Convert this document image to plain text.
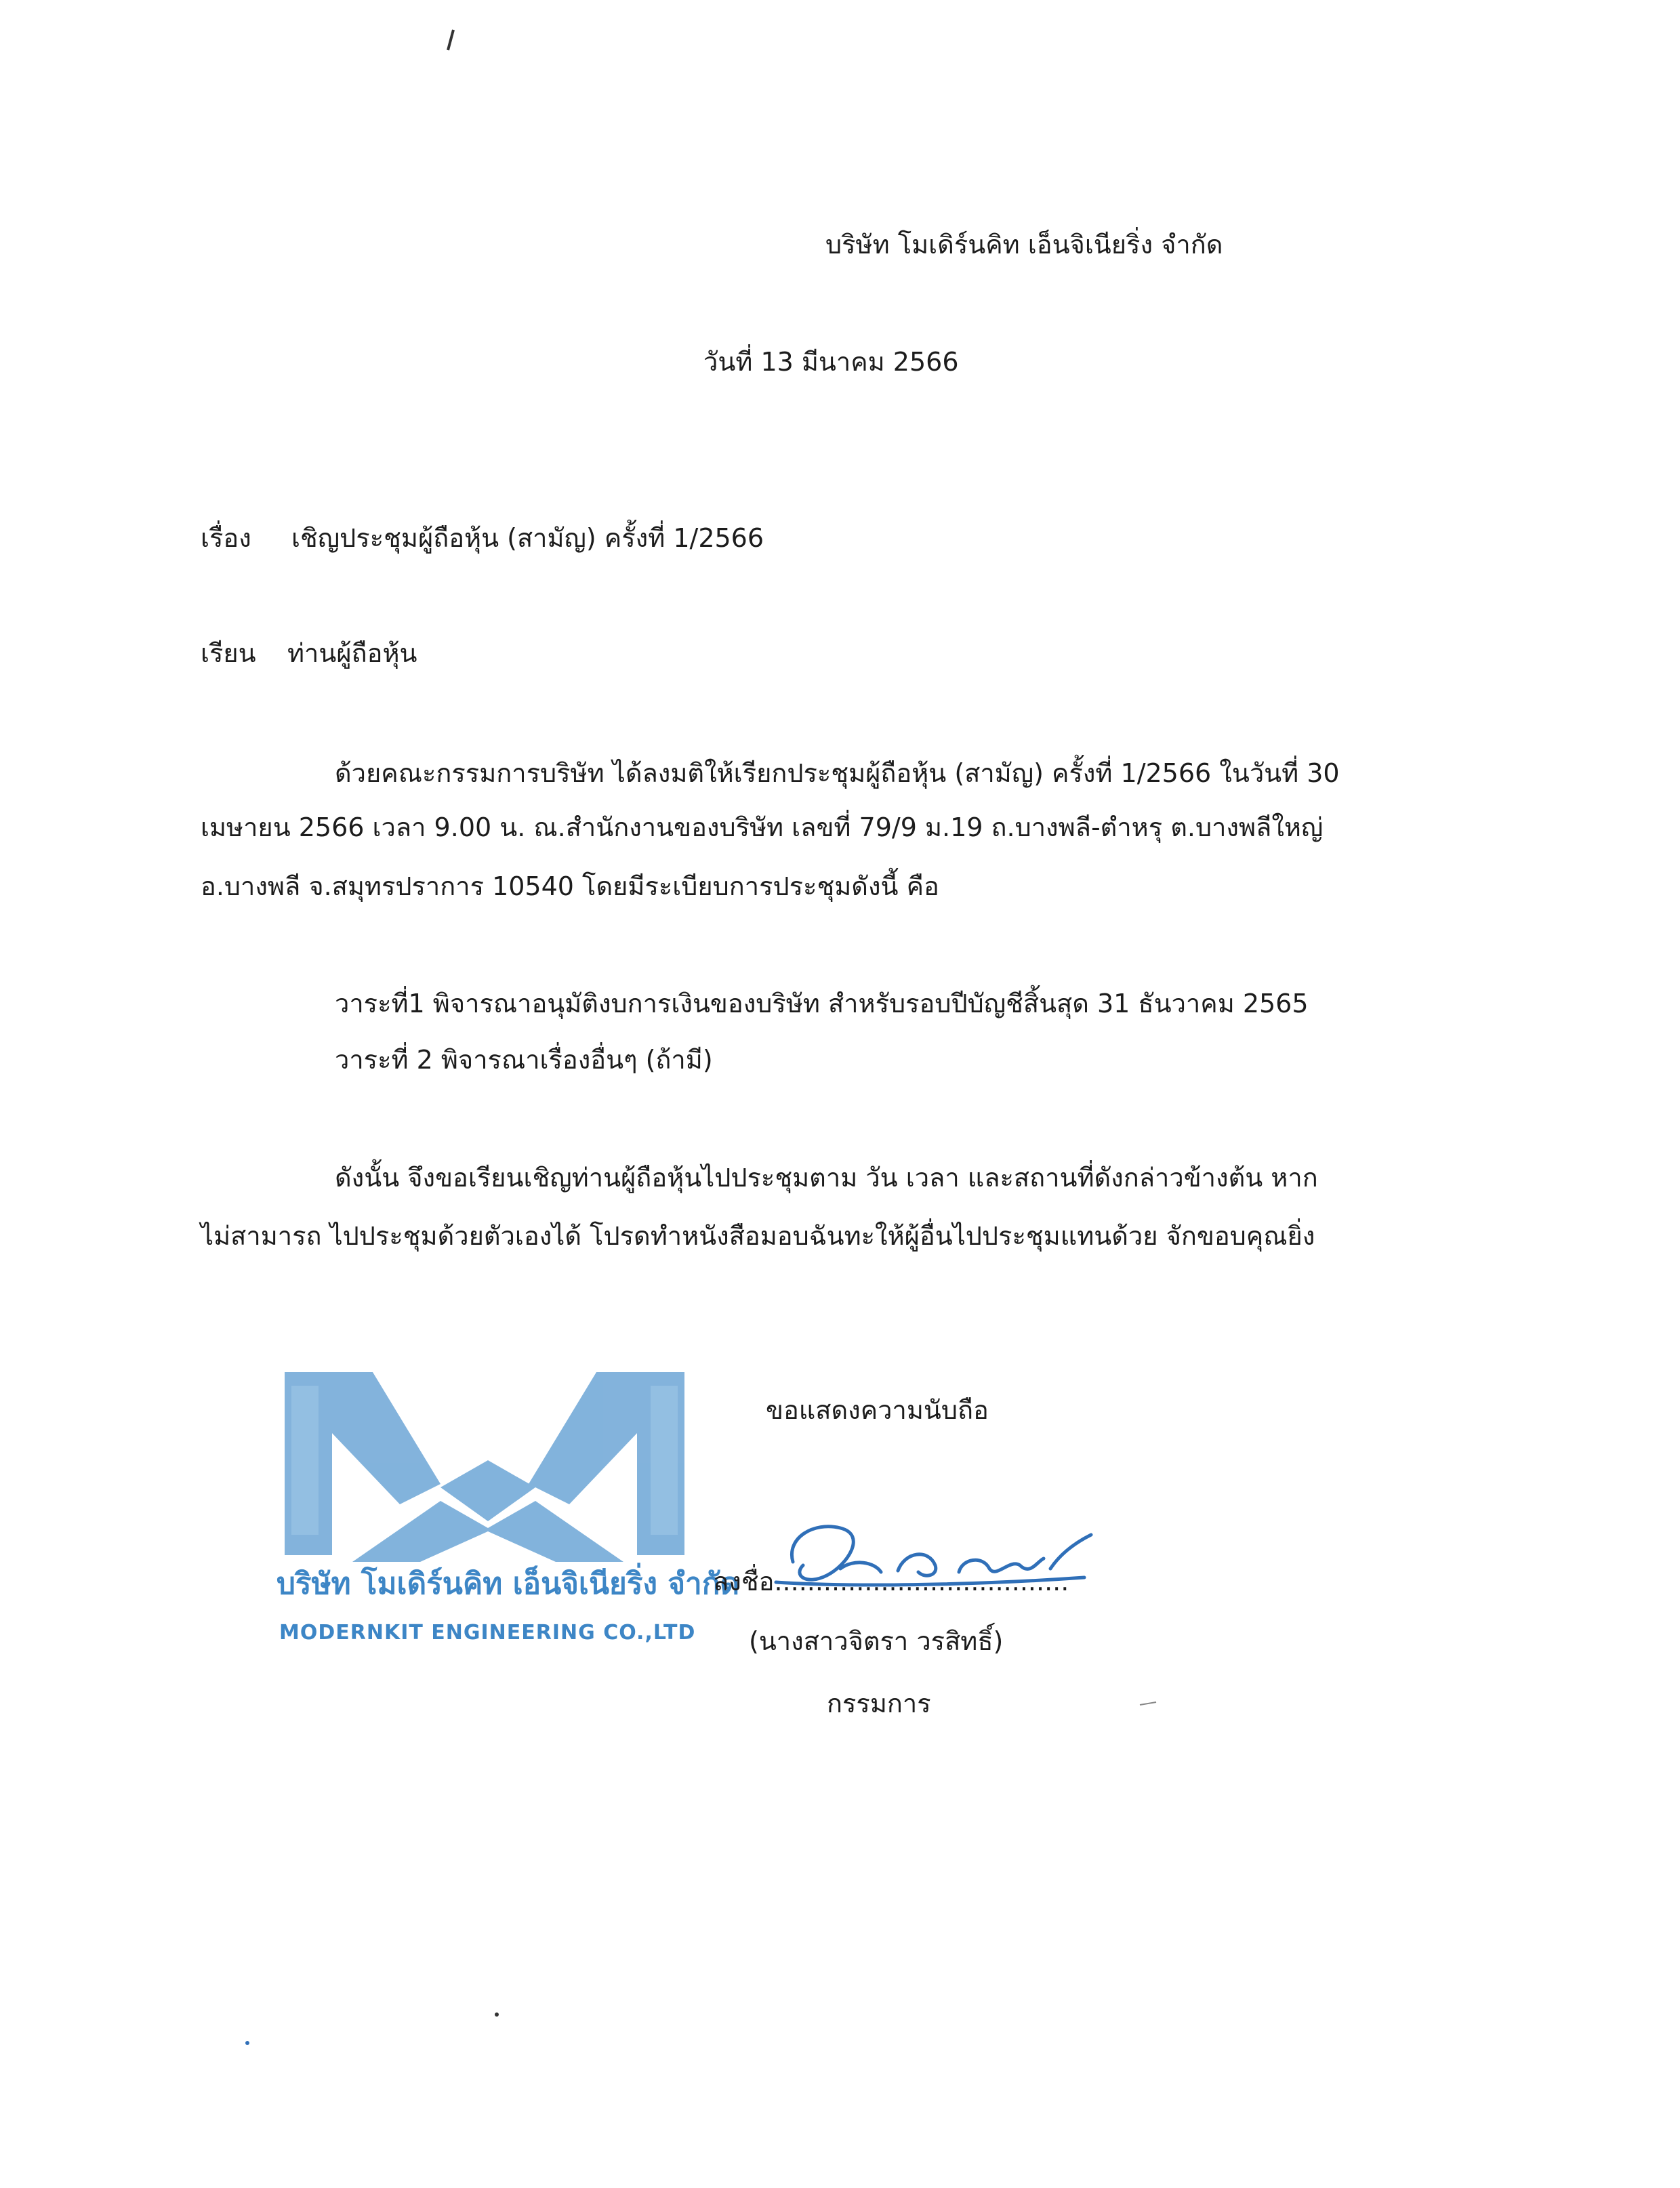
บริษัท โมเดิร์นคิท เอ็นจิเนียริ่ง จำกัด
วันที่ 13 มีนาคม 2566
เรื่อง เชิญประชุมผู้ถือหุ้น (สามัญ) ครั้งที่ 1/2566
เรียน ท่านผู้ถือหุ้น
ด้วยคณะกรรมการบริษัท ได้ลงมติให้เรียกประชุมผู้ถือหุ้น (สามัญ) ครั้งที่ 1/2566 ในวันที่ 30
เมษายน 2566 เวลา 9.00 น. ณ.สำนักงานของบริษัท เลขที่ 79/9 ม.19 ถ.บางพลี-ตำหรุ ต.บางพลีใหญ่
อ.บางพลี จ.สมุทรปราการ 10540 โดยมีระเบียบการประชุมดังนี้ คือ
วาระที่1 พิจารณาอนุมัติงบการเงินของบริษัท สำหรับรอบปีบัญชีสิ้นสุด 31 ธันวาคม 2565
วาระที่ 2 พิจารณาเรื่องอื่นๆ (ถ้ามี)
ดังนั้น จึงขอเรียนเชิญท่านผู้ถือหุ้นไปประชุมตาม วัน เวลา และสถานที่ดังกล่าวข้างต้น หาก
ไม่สามารถ ไปประชุมด้วยตัวเองได้ โปรดทำหนังสือมอบฉันทะให้ผู้อื่นไปประชุมแทนด้วย จักขอบคุณยิ่ง
ขอแสดงความนับถือ
บริษัท โมเดิร์นคิท เอ็นจิเนียริ่ง จำกัด
MODERNKIT ENGINEERING CO.,LTD
ลงชื่อ....................................
(นางสาวจิตรา วรสิทธิ์)
กรรมการ
